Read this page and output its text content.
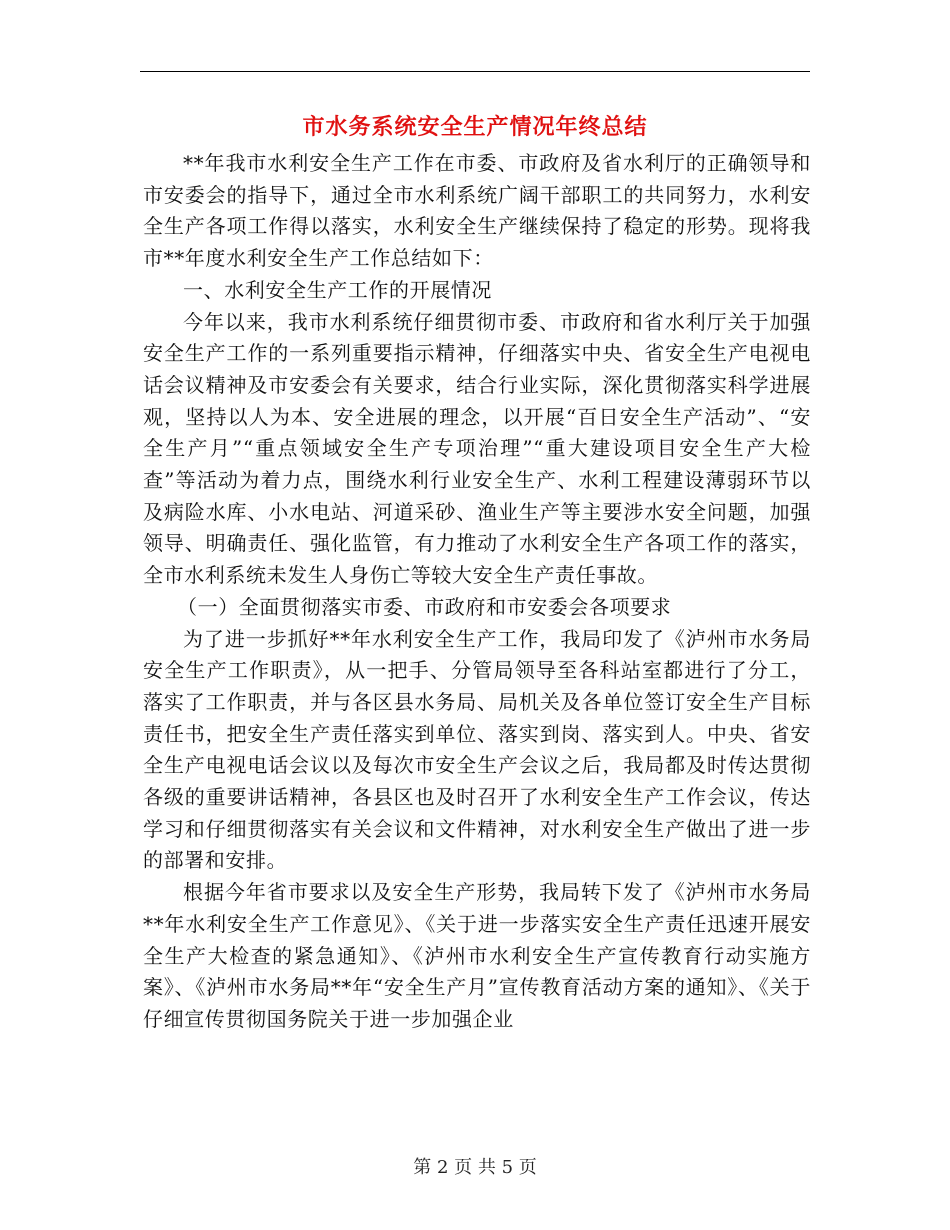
市水务系统安全生产情况年终总结

**年我市水利安全生产工作在市委、市政府及省水利厅的正确领导和市安委会的指导下，通过全市水利系统广阔干部职工的共同努力，水利安全生产各项工作得以落实，水利安全生产继续保持了稳定的形势。现将我市**年度水利安全生产工作总结如下：

一、水利安全生产工作的开展情况

今年以来，我市水利系统仔细贯彻市委、市政府和省水利厅关于加强安全生产工作的一系列重要指示精神，仔细落实中央、省安全生产电视电话会议精神及市安委会有关要求，结合行业实际，深化贯彻落实科学进展观，坚持以人为本、安全进展的理念，以开展“百日安全生产活动”、“安全生产月”“重点领域安全生产专项治理”“重大建设项目安全生产大检查”等活动为着力点，围绕水利行业安全生产、水利工程建设薄弱环节以及病险水库、小水电站、河道采砂、渔业生产等主要涉水安全问题，加强领导、明确责任、强化监管，有力推动了水利安全生产各项工作的落实，全市水利系统未发生人身伤亡等较大安全生产责任事故。

（一）全面贯彻落实市委、市政府和市安委会各项要求

为了进一步抓好**年水利安全生产工作，我局印发了《泸州市水务局安全生产工作职责》，从一把手、分管局领导至各科站室都进行了分工，落实了工作职责，并与各区县水务局、局机关及各单位签订安全生产目标责任书，把安全生产责任落实到单位、落实到岗、落实到人。中央、省安全生产电视电话会议以及每次市安全生产会议之后，我局都及时传达贯彻各级的重要讲话精神，各县区也及时召开了水利安全生产工作会议，传达学习和仔细贯彻落实有关会议和文件精神，对水利安全生产做出了进一步的部署和安排。

根据今年省市要求以及安全生产形势，我局转下发了《泸州市水务局**年水利安全生产工作意见》、《关于进一步落实安全生产责任迅速开展安全生产大检查的紧急通知》、《泸州市水利安全生产宣传教育行动实施方案》、《泸州市水务局**年“安全生产月”宣传教育活动方案的通知》、《关于仔细宣传贯彻国务院关于进一步加强企业

第 2 页 共 5 页
